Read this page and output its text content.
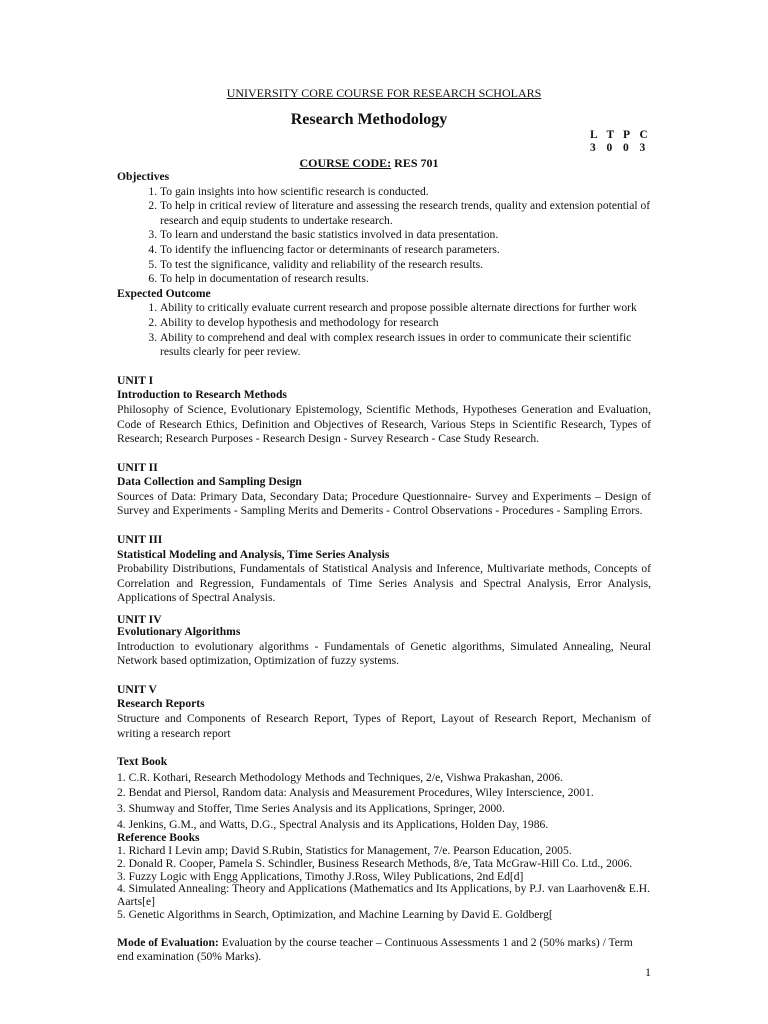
UNIVERSITY CORE COURSE FOR RESEARCH SCHOLARS
Research Methodology
L T P C
3 0 0 3
COURSE CODE: RES 701
Objectives
1. To gain insights into how scientific research is conducted.
2. To help in critical review of literature and assessing the research trends, quality and extension potential of research and equip students to undertake research.
3. To learn and understand the basic statistics involved in data presentation.
4. To identify the influencing factor or determinants of research parameters.
5. To test the significance, validity and reliability of the research results.
6. To help in documentation of research results.
Expected Outcome
1. Ability to critically evaluate current research and propose possible alternate directions for further work
2. Ability to develop hypothesis and methodology for research
3. Ability to comprehend and deal with complex research issues in order to communicate their scientific results clearly for peer review.
UNIT I
Introduction to Research Methods

Philosophy of Science, Evolutionary Epistemology, Scientific Methods, Hypotheses Generation and Evaluation, Code of Research Ethics, Definition and Objectives of Research, Various Steps in Scientific Research, Types of Research; Research Purposes - Research Design - Survey Research - Case Study Research.

UNIT II
Data Collection and Sampling Design

Sources of Data: Primary Data, Secondary Data; Procedure Questionnaire- Survey and Experiments – Design of Survey and Experiments - Sampling Merits and Demerits - Control Observations - Procedures - Sampling Errors.

UNIT III
Statistical Modeling and Analysis, Time Series Analysis

Probability Distributions, Fundamentals of Statistical Analysis and Inference, Multivariate methods, Concepts of Correlation and Regression, Fundamentals of Time Series Analysis and Spectral Analysis, Error Analysis, Applications of Spectral Analysis.

UNIT IV
Evolutionary Algorithms

Introduction to evolutionary algorithms - Fundamentals of Genetic algorithms, Simulated Annealing, Neural Network based optimization, Optimization of fuzzy systems.

UNIT V
Research Reports

Structure and Components of Research Report, Types of Report, Layout of Research Report, Mechanism of writing a research report

Text Book
1. C.R. Kothari, Research Methodology Methods and Techniques, 2/e, Vishwa Prakashan, 2006.
2. Bendat and Piersol, Random data: Analysis and Measurement Procedures, Wiley Interscience, 2001.
3. Shumway and Stoffer, Time Series Analysis and its Applications, Springer, 2000.
4. Jenkins, G.M., and Watts, D.G., Spectral Analysis and its Applications, Holden Day, 1986.
Reference Books
1. Richard I Levin amp; David S.Rubin, Statistics for Management, 7/e. Pearson Education, 2005.
2. Donald R. Cooper, Pamela S. Schindler, Business Research Methods, 8/e, Tata McGraw-Hill Co. Ltd., 2006.
3. Fuzzy Logic with Engg Applications, Timothy J.Ross, Wiley Publications, 2nd Ed[d]
4. Simulated Annealing: Theory and Applications (Mathematics and Its Applications, by P.J. van Laarhoven& E.H. Aarts[e]
5. Genetic Algorithms in Search, Optimization, and Machine Learning by David E. Goldberg[

Mode of Evaluation: Evaluation by the course teacher – Continuous Assessments 1 and 2 (50% marks) / Term end examination (50% Marks).

1
